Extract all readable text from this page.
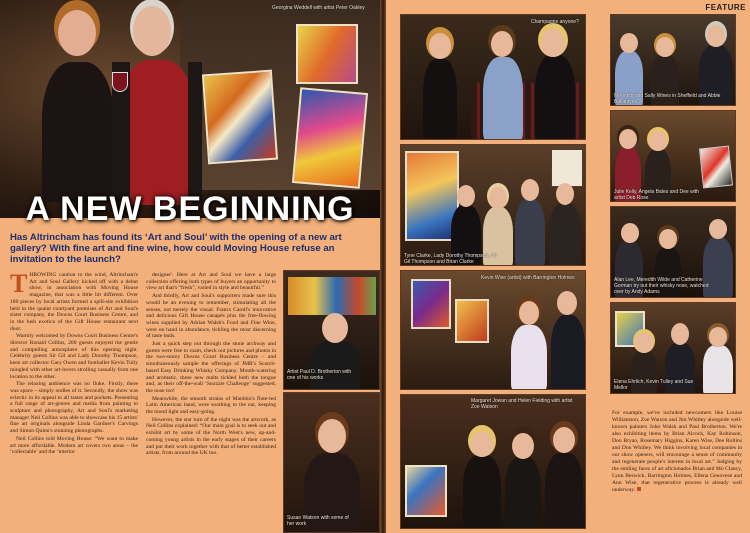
Georgina Weddell with artist Peter Oakley
A NEW BEGINNING
Has Altrincham has found its ‘Art and Soul’ with the opening of a new art gallery? With fine art and fine wine, how could Moving House refuse an invitation to the launch?
T HROWING caution to the wind, Altrincham's Art and Soul Gallery kicked off with a debut show, in association with Moving House magazine, that was a little bit different. Over 180 pieces by local artists formed a spill-site exhibition held in the quaint courtyard premises of Art and Soul's sister company, the Downs Court Business Centre, and in the lush exotica of the Gift House restaurant next door.

Warmly welcomed by Downs Court Business Centre's director Ronald Collins, 200 guests enjoyed the gentle and compelling atmosphere of this opening night. Celebrity guests Sir Gil and Lady Dorothy Thompson, keen art collector Gary Owen and footballer Kevin Tully mingled with other art-lovers strolling casually from one location to the other.

The relaxing ambience was no fluke. Firstly, there was space – simply oodles of it. Secondly, the show was eclectic in its appeal to all tastes and pockets. Presenting a full range of art-genres and media from painting to sculpture and photography, Art and Soul's marketing manager Neil Collins was able to showcase his 15 artists' fine art originals alongside Linda Gardner's Carvings and Simon Quinn's stunning photographs.

Neil Collins told Moving House: “We want to make art more affordable. Modern art covers two areas – the ‘collectable’ and the ‘interior

designer'. Here at Art and Soul we have a large collection offering both types of buyers an opportunity to view art that's “fresh”, varied in style and beautiful.”

And thirdly, Art and Soul's supporters made sure this would be an evening to remember, stimulating all the senses, not merely the visual. Francs Caroll's innovative and delicious Gift House canapés plus the free-flowing wines supplied by Adrian Walsh's Food and Fine Wine, were on hand in abundance, tickling the most discerning of taste buds.

Just a quick step out through the stone archway and guests were free to roam, check out pictures and photos in the two-storey Downs Court Business Centre – and simultaneously sample the offerings of JMR's Scotch-based Easy Drinking Whisky Company. Mouth-watering and aromatic, these new malts tickled both the tongue and, as their off-the-wall ‘Snozzle Challenge’ suggested, the nose too!

Meanwhile, the smooth strains of Manbito's flute-led Latin American band, were soothing to the ear, keeping the mood light and easy-going.

However, the star turn of the night was the artwork, as Neil Collins explained: “Our main goal is to seek out and exhibit art by some of the North West's new, up-and-coming young artists in the early stages of their careers and put their work together with that of better established artists, from around the UK too.

Artist Paul D. Brotherton with one of his works
Susan Watson with some of her work
Champagne anyone?
Tyne Clarke, Lady Dorothy Thompson, Sir Gil Thompson and Brian Clarke
Kevin Wise (artist) with Barrington Holmes
Margaret Jowan and Helen Fielding with artist Zoe Watson
FEATURE
Meredith and Sally Wines in Sheffield and Abbie Ballantyne
Julie Kelly, Angela Bates and Dee with artist Deb Rose
Alan Lee, Meredith Wilde and Catherine Gorman try out their whisky nose, watched over by Andy Adams
Elena Ehrlich, Kevin Tulley and Sue Mellor
For example, we've included newcomers like Louise Williamson, Zoe Watson and Jim Whitley alongside well-known painters John Walsh and Paul Brotherton. We're also exhibiting items by Brian Alcock, Kay Robinson, Don Bryan, Rosemary Higgins, Karen Wise, Dee Rollins and Don Whitley. We think involving local companies in our show openers, will encourage a sense of community and regenerate people's interest in local art.” Judging by the smiling faces of art aficionados Brian and Mo Clancy, Lynn Beswick, Barrington Holmes, Ellena Genovese and Ann Wise, that regenerative process is already well underway.
